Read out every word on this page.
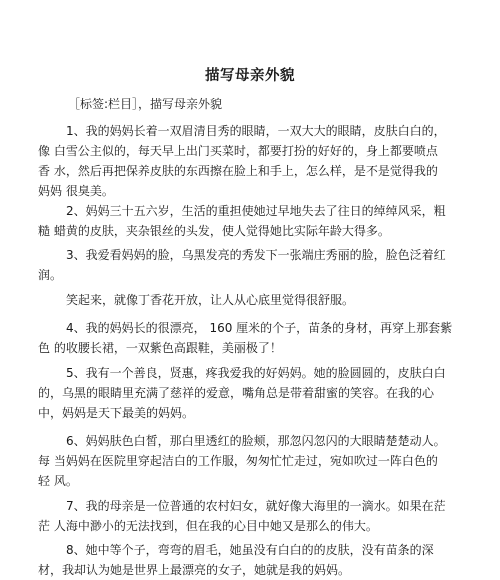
描写母亲外貌
［标签:栏目］，描写母亲外貌
1、我的妈妈长着一双眉清目秀的眼睛，一双大大的眼睛，皮肤白白的，
像 白雪公主似的，每天早上出门买菜时，都要打扮的好好的，身上都要喷点
香 水，然后再把保养皮肤的东西擦在脸上和手上，怎么样，是不是觉得我的
妈妈 很臭美。
2、妈妈三十五六岁，生活的重担使她过早地失去了往日的绰绰风采，粗
糙 蜡黄的皮肤，夹杂银丝的头发，使人觉得她比实际年龄大得多。
3、我爱看妈妈的脸，乌黑发亮的秀发下一张端庄秀丽的脸，脸色泛着红
润。
笑起来，就像丁香花开放，让人从心底里觉得很舒服。
4、我的妈妈长的很漂亮， 160 厘米的个子，苗条的身材，再穿上那套紫
色 的收腰长裙，一双紫色高跟鞋，美丽极了！
5、我有一个善良，贤惠，疼我爱我的好妈妈。她的脸圆圆的，皮肤白白
的，乌黑的眼睛里充满了慈祥的爱意，嘴角总是带着甜蜜的笑容。在我的心
中，妈妈是天下最美的妈妈。
6、妈妈肤色白皙，那白里透红的脸颊，那忽闪忽闪的大眼睛楚楚动人。
每 当妈妈在医院里穿起洁白的工作服，匆匆忙忙走过，宛如吹过一阵白色的
轻 风。
7、我的母亲是一位普通的农村妇女，就好像大海里的一滴水。如果在茫
茫 人海中渺小的无法找到，但在我的心目中她又是那么的伟大。
8、她中等个子，弯弯的眉毛，她虽没有白白的的皮肤，没有苗条的深
材，我却认为她是世界上最漂亮的女子，她就是我的妈妈。
